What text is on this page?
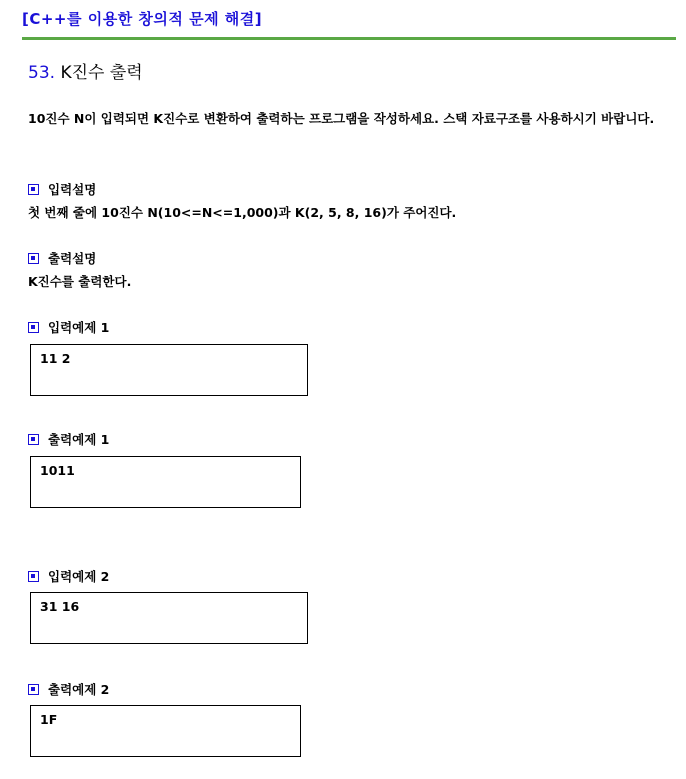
[C++를 이용한 창의적 문제 해결]
53. K진수 출력
10진수 N이 입력되면 K진수로 변환하여 출력하는 프로그램을 작성하세요. 스택 자료구조를 사용하시기 바랍니다.
입력설명
첫 번째 줄에 10진수 N(10<=N<=1,000)과 K(2, 5, 8, 16)가 주어진다.
출력설명
K진수를 출력한다.
입력예제 1
11 2
출력예제 1
1011
입력예제 2
31 16
출력예제 2
1F
